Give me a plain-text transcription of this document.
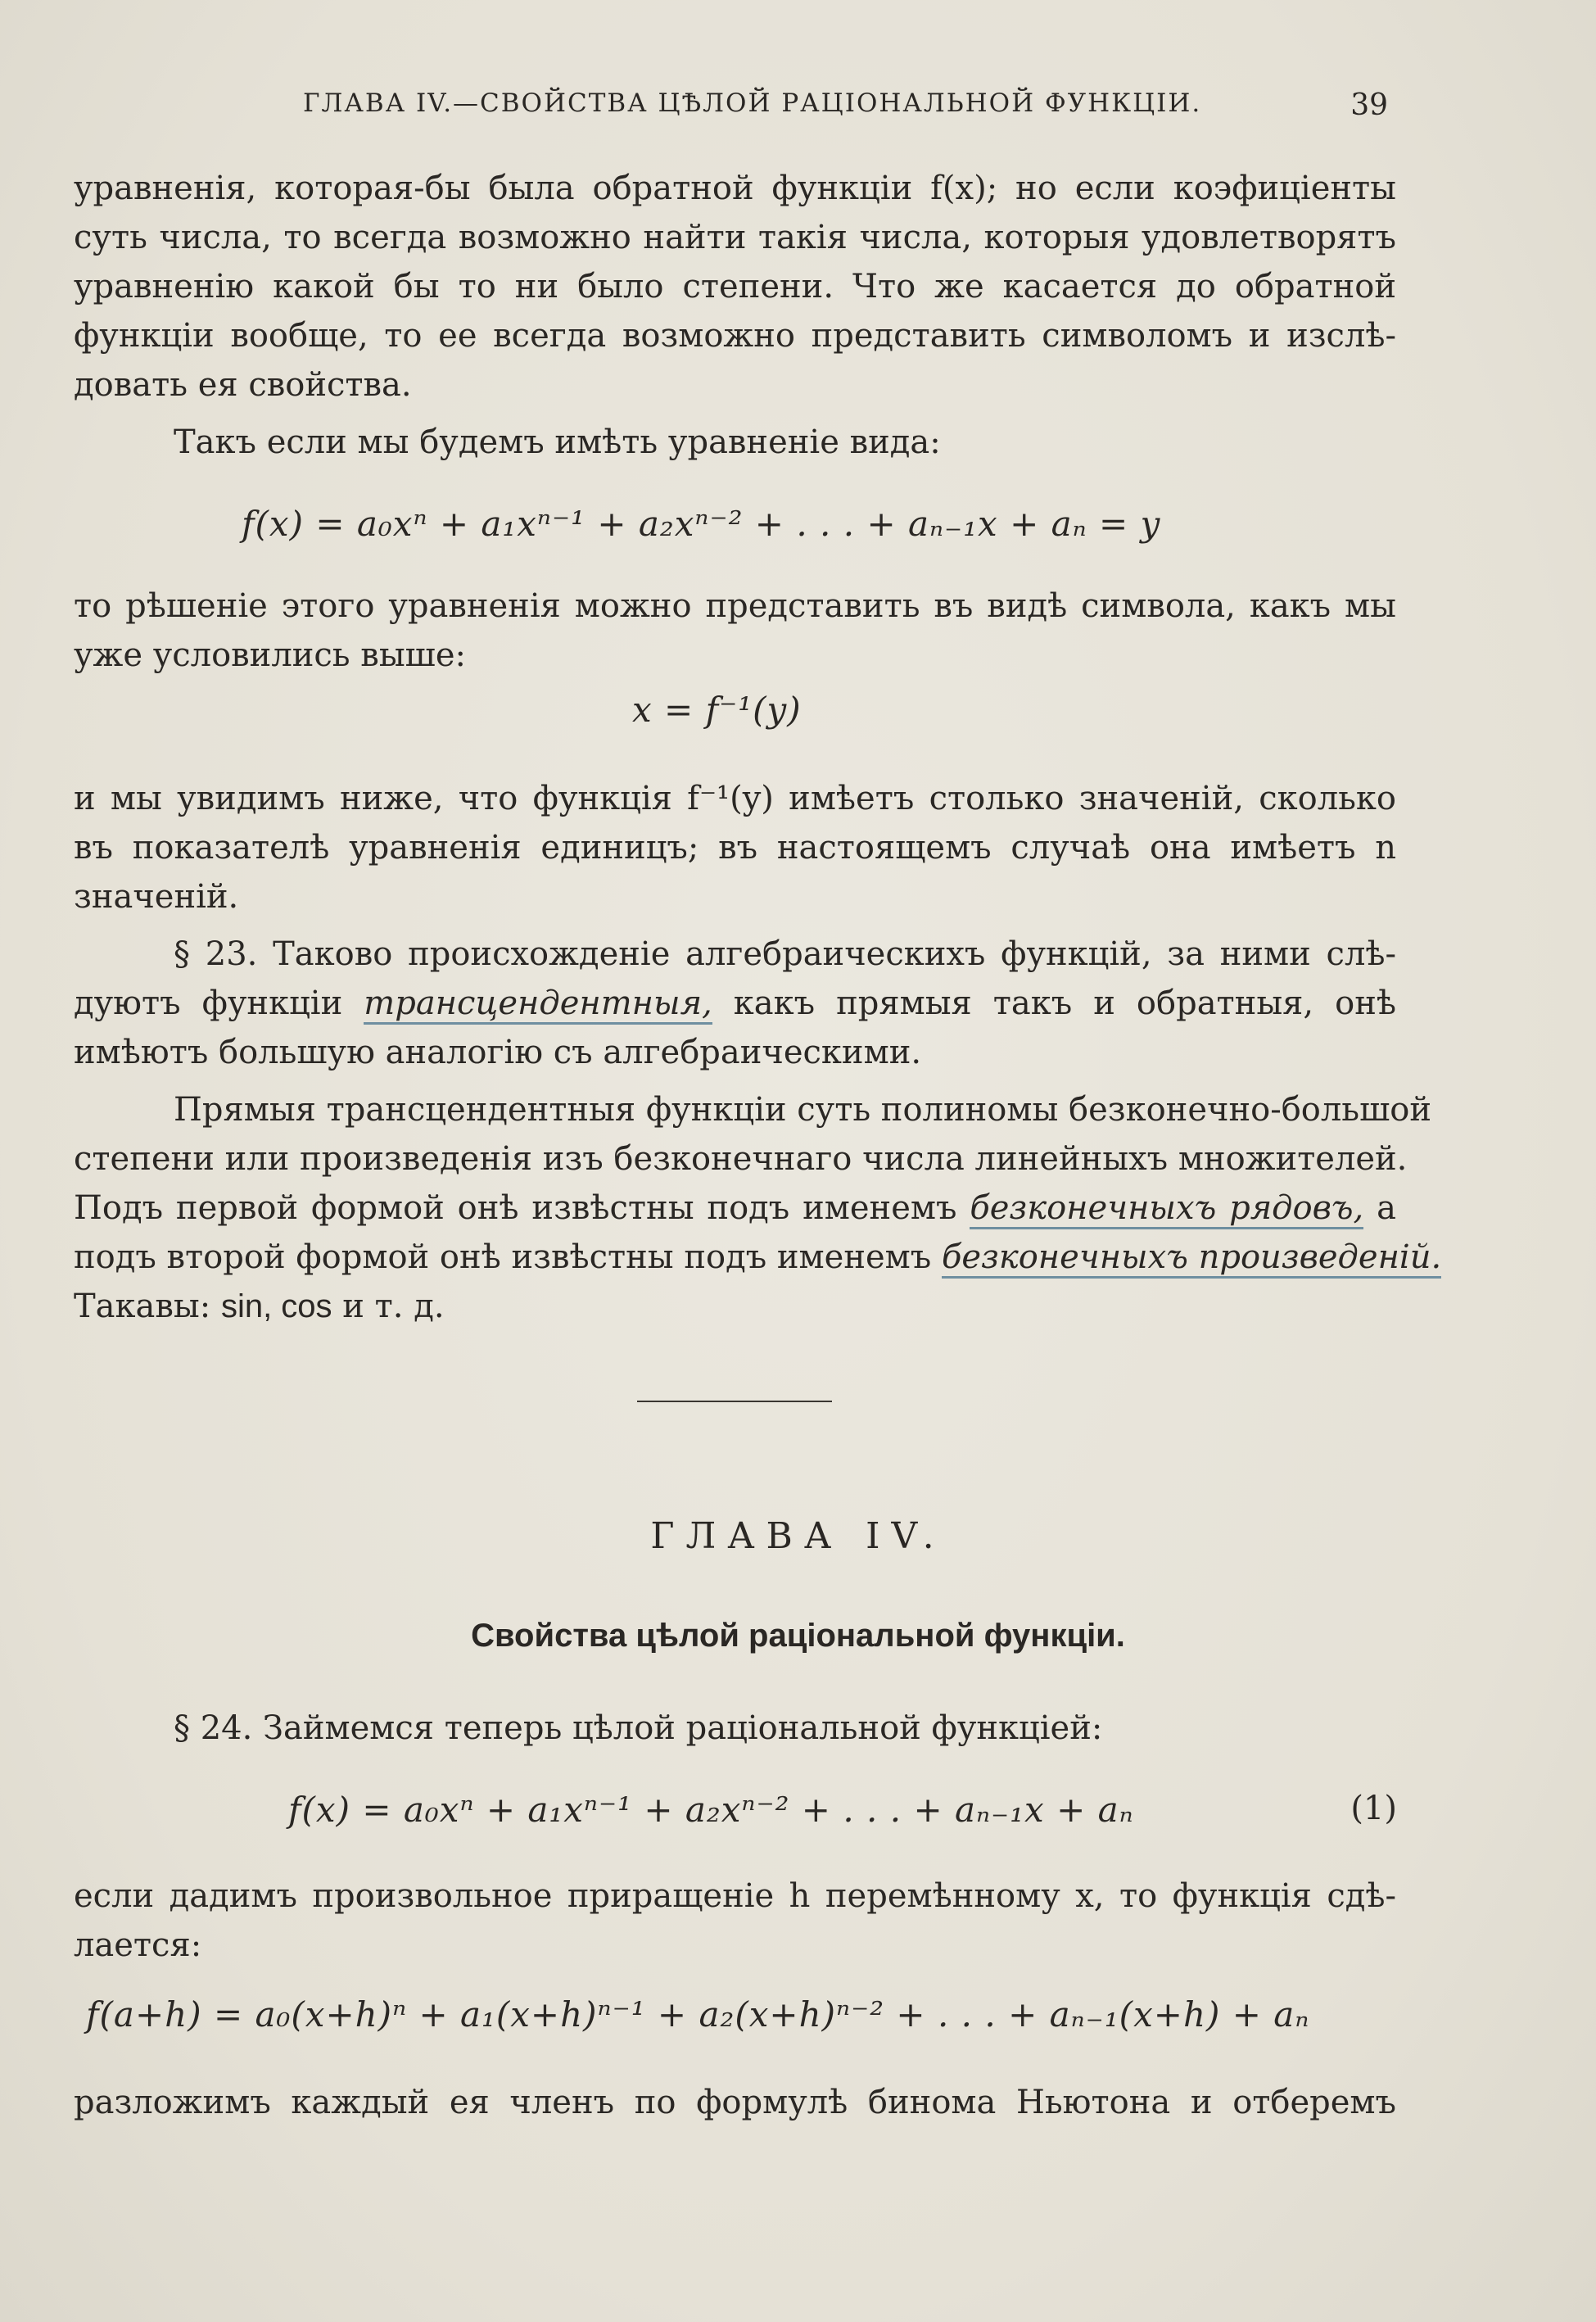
ГЛАВА IV.—СВОЙСТВА ЦѢЛОЙ РАЦІОНАЛЬНОЙ ФУНКЦІИ.	39
уравненія, которая-бы была обратной функціи f(x); но если коэфиціенты
суть числа, то всегда возможно найти такія числа, которыя удовлетворятъ
уравненію какой бы то ни было степени. Что же касается до обратной
функціи вообще, то ее всегда возможно представить символомъ и изслѣ-
довать ея свойства.
Такъ если мы будемъ имѣть уравненіе вида:
f(x) = a₀xⁿ + a₁xⁿ⁻¹ + a₂xⁿ⁻² + . . . + aₙ₋₁x + aₙ = y
то рѣшеніе этого уравненія можно представить въ видѣ символа, какъ мы
уже условились выше:
x = f⁻¹(y)
и мы увидимъ ниже, что функція f⁻¹(y) имѣетъ столько значеній, сколько
въ показателѣ уравненія единицъ; въ настоящемъ случаѣ она имѣетъ n
значеній.
§ 23. Таково происхожденіе алгебраическихъ функцій, за ними слѣ-
дуютъ функціи трансцендентныя, какъ прямыя такъ и обратныя, онѣ
имѣютъ большую аналогію съ алгебраическими.
Прямыя трансцендентныя функціи суть полиномы безконечно-большой
степени или произведенія изъ безконечнаго числа линейныхъ множителей.
Подъ первой формой онѣ извѣстны подъ именемъ безконечныхъ рядовъ, а
подъ второй формой онѣ извѣстны подъ именемъ безконечныхъ произведеній.
Такавы: sin, cos и т. д.
ГЛАВА IV.
Свойства цѣлой раціональной функціи.
§ 24. Займемся теперь цѣлой раціональной функціей:
f(x) = a₀xⁿ + a₁xⁿ⁻¹ + a₂xⁿ⁻² + . . . + aₙ₋₁x + aₙ	(1)
если дадимъ произвольное приращеніе h перемѣнному x, то функція сдѣ-
лается:
f(a+h) = a₀(x+h)ⁿ + a₁(x+h)ⁿ⁻¹ + a₂(x+h)ⁿ⁻² + . . . + aₙ₋₁(x+h) + aₙ
разложимъ каждый ея членъ по формулѣ бинома Ньютона и отберемъ
